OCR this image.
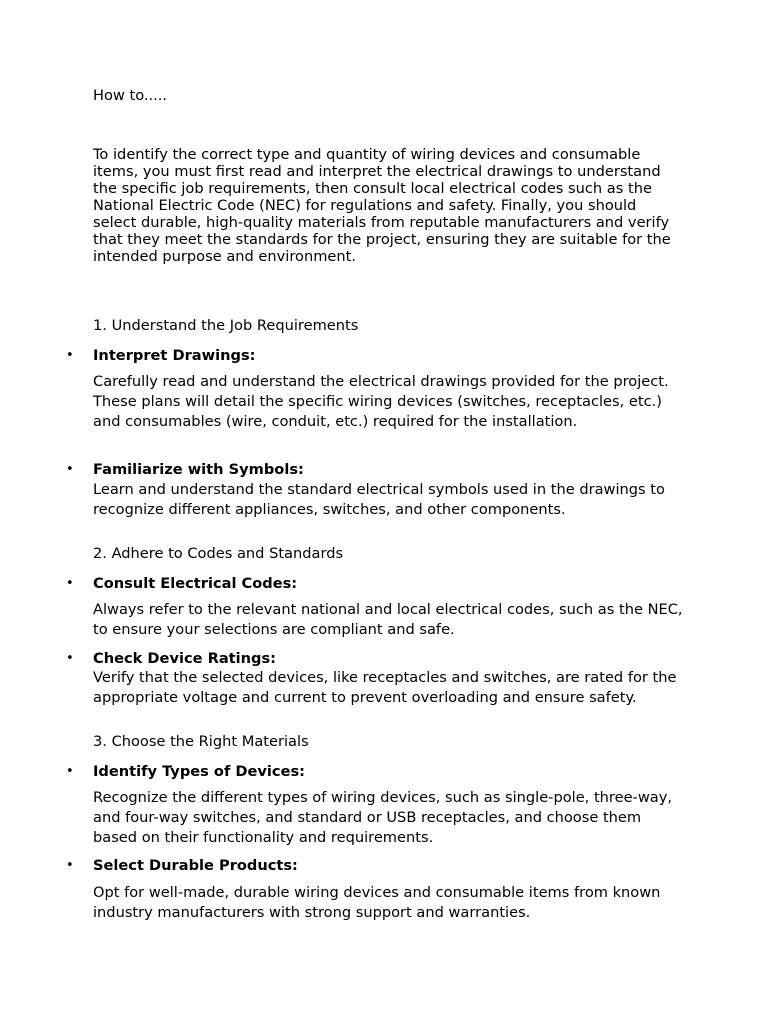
How to.....

To identify the correct type and quantity of wiring devices and consumable items, you must first read and interpret the electrical drawings to understand the specific job requirements, then consult local electrical codes such as the National Electric Code (NEC) for regulations and safety. Finally, you should select durable, high-quality materials from reputable manufacturers and verify that they meet the standards for the project, ensuring they are suitable for the intended purpose and environment.

1. Understand the Job Requirements

• Interpret Drawings:

Carefully read and understand the electrical drawings provided for the project. These plans will detail the specific wiring devices (switches, receptacles, etc.) and consumables (wire, conduit, etc.) required for the installation.

• Familiarize with Symbols:

Learn and understand the standard electrical symbols used in the drawings to recognize different appliances, switches, and other components.

2. Adhere to Codes and Standards

• Consult Electrical Codes:

Always refer to the relevant national and local electrical codes, such as the NEC, to ensure your selections are compliant and safe.

• Check Device Ratings:

Verify that the selected devices, like receptacles and switches, are rated for the appropriate voltage and current to prevent overloading and ensure safety.

3. Choose the Right Materials

• Identify Types of Devices:

Recognize the different types of wiring devices, such as single-pole, three-way, and four-way switches, and standard or USB receptacles, and choose them based on their functionality and requirements.

• Select Durable Products:

Opt for well-made, durable wiring devices and consumable items from known industry manufacturers with strong support and warranties.
